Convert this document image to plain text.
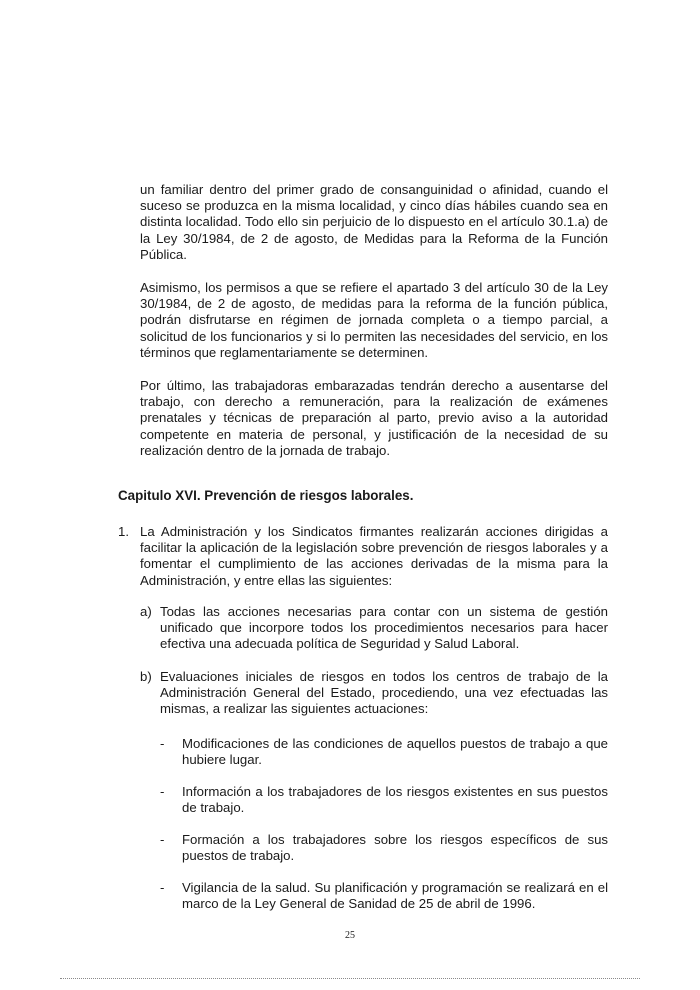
un familiar dentro del primer grado de consanguinidad o afinidad, cuando el suceso se produzca en la misma localidad, y cinco días hábiles cuando sea en distinta localidad. Todo ello sin perjuicio de lo dispuesto en el artículo 30.1.a) de la Ley 30/1984, de 2 de agosto, de Medidas para la Reforma de la Función Pública.

Asimismo, los permisos a que se refiere el apartado 3 del artículo 30 de la Ley 30/1984, de 2 de agosto, de medidas para la reforma de la función pública, podrán disfrutarse en régimen de jornada completa o a tiempo parcial, a solicitud de los funcionarios y si lo permiten las necesidades del servicio, en los términos que reglamentariamente se determinen.

Por último, las trabajadoras embarazadas tendrán derecho a ausentarse del trabajo, con derecho a remuneración, para la realización de exámenes prenatales y técnicas de preparación al parto, previo aviso a la autoridad competente en materia de personal, y justificación de la necesidad de su realización dentro de la jornada de trabajo.

Capitulo XVI. Prevención de riesgos laborales.

1. La Administración y los Sindicatos firmantes realizarán acciones dirigidas a facilitar la aplicación de la legislación sobre prevención de riesgos laborales y a fomentar el cumplimiento de las acciones derivadas de la misma para la Administración, y entre ellas las siguientes:

a) Todas las acciones necesarias para contar con un sistema de gestión unificado que incorpore todos los procedimientos necesarios para hacer efectiva una adecuada política de Seguridad y Salud Laboral.

b) Evaluaciones iniciales de riesgos en todos los centros de trabajo de la Administración General del Estado, procediendo, una vez efectuadas las mismas, a realizar las siguientes actuaciones:

- Modificaciones de las condiciones de aquellos puestos de trabajo a que hubiere lugar.

- Información a los trabajadores de los riesgos existentes en sus puestos de trabajo.

- Formación a los trabajadores sobre los riesgos específicos de sus puestos de trabajo.

- Vigilancia de la salud. Su planificación y programación se realizará en el marco de la Ley General de Sanidad de 25 de abril de 1996.

25
